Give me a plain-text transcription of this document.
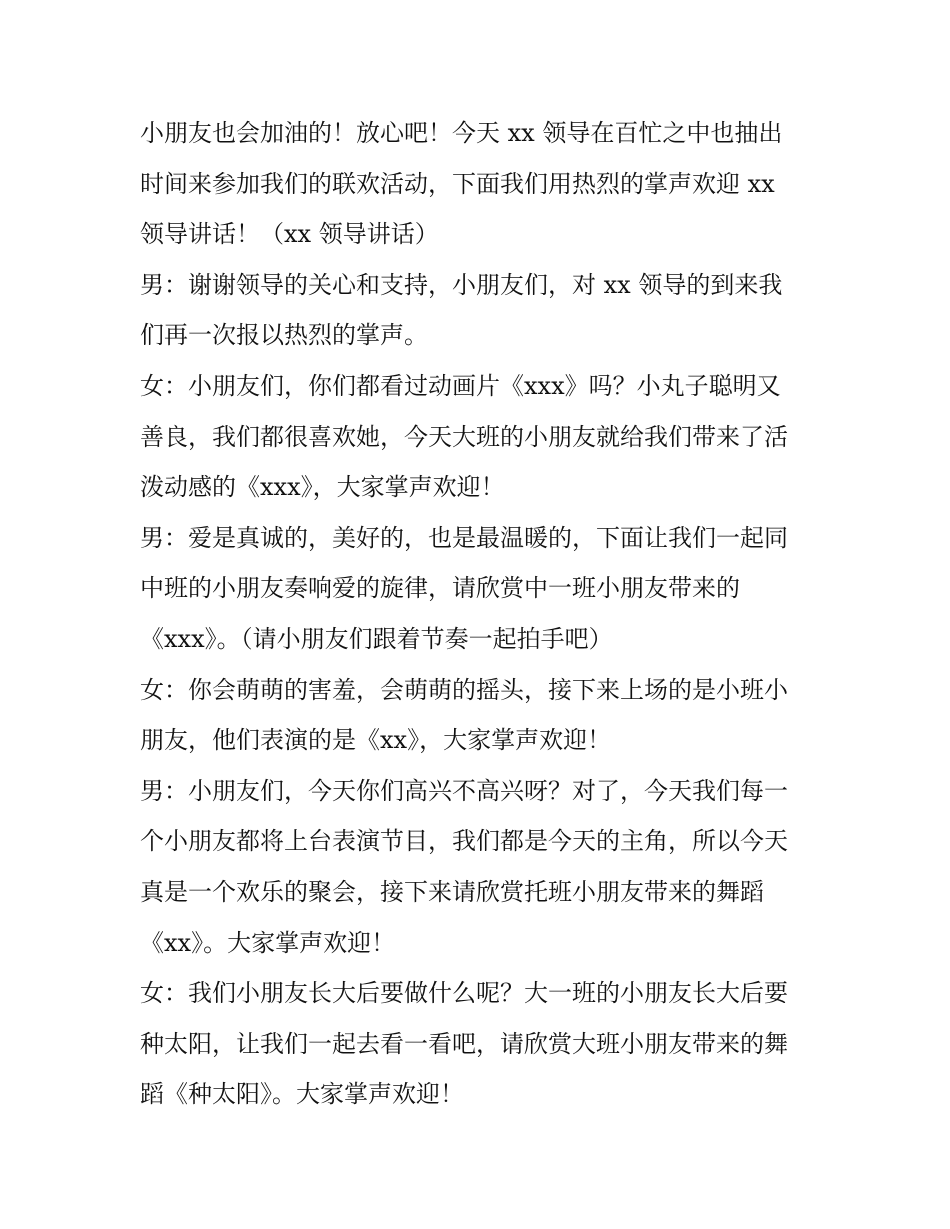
小朋友也会加油的！放心吧！今天 xx 领导在百忙之中也抽出
时间来参加我们的联欢活动，下面我们用热烈的掌声欢迎 xx
领导讲话！（xx 领导讲话）
男：谢谢领导的关心和支持，小朋友们，对 xx 领导的到来我
们再一次报以热烈的掌声。
女：小朋友们，你们都看过动画片《xxx》吗？小丸子聪明又
善良，我们都很喜欢她，今天大班的小朋友就给我们带来了活
泼动感的《xxx》，大家掌声欢迎！
男：爱是真诚的，美好的，也是最温暖的，下面让我们一起同
中班的小朋友奏响爱的旋律，请欣赏中一班小朋友带来的
《xxx》。（请小朋友们跟着节奏一起拍手吧）
女：你会萌萌的害羞，会萌萌的摇头，接下来上场的是小班小
朋友，他们表演的是《xx》，大家掌声欢迎！
男：小朋友们，今天你们高兴不高兴呀？对了，今天我们每一
个小朋友都将上台表演节目，我们都是今天的主角，所以今天
真是一个欢乐的聚会，接下来请欣赏托班小朋友带来的舞蹈
《xx》。大家掌声欢迎！
女：我们小朋友长大后要做什么呢？大一班的小朋友长大后要
种太阳，让我们一起去看一看吧，请欣赏大班小朋友带来的舞
蹈《种太阳》。大家掌声欢迎！
